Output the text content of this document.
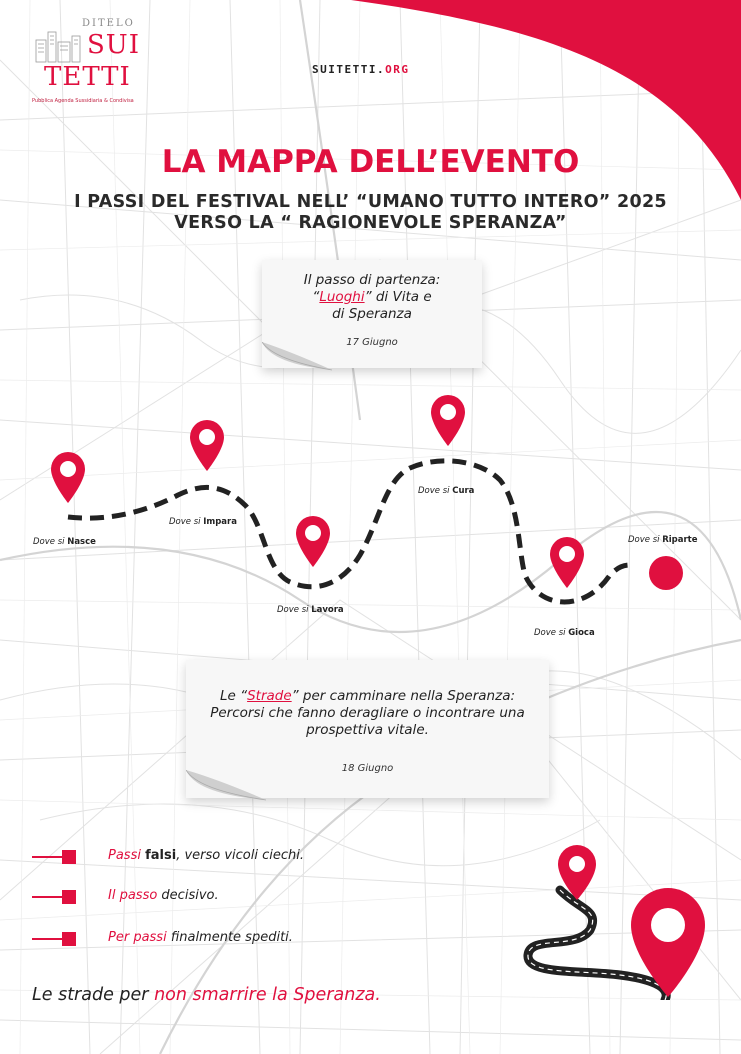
DITELO
SUI
TETTI
Pubblica Agenda Sussidiaria & Condivisa
SUITETTI.ORG
LA MAPPA DELL’EVENTO
I PASSI DEL FESTIVAL NELL’ “UMANO TUTTO INTERO” 2025
VERSO LA “ RAGIONEVOLE SPERANZA”
Il passo di partenza:
“Luoghi” di Vita e
di Speranza
17 Giugno
Le “Strade” per camminare nella Speranza:
Percorsi che fanno deragliare o incontrare una
prospettiva vitale.
18 Giugno
Dove si Nasce
Dove si Impara
Dove si Lavora
Dove si Cura
Dove si Gioca
Dove si Riparte
Passi falsi, verso vicoli ciechi.
Il passo decisivo.
Per passi finalmente spediti.
Le strade per non smarrire la Speranza.
